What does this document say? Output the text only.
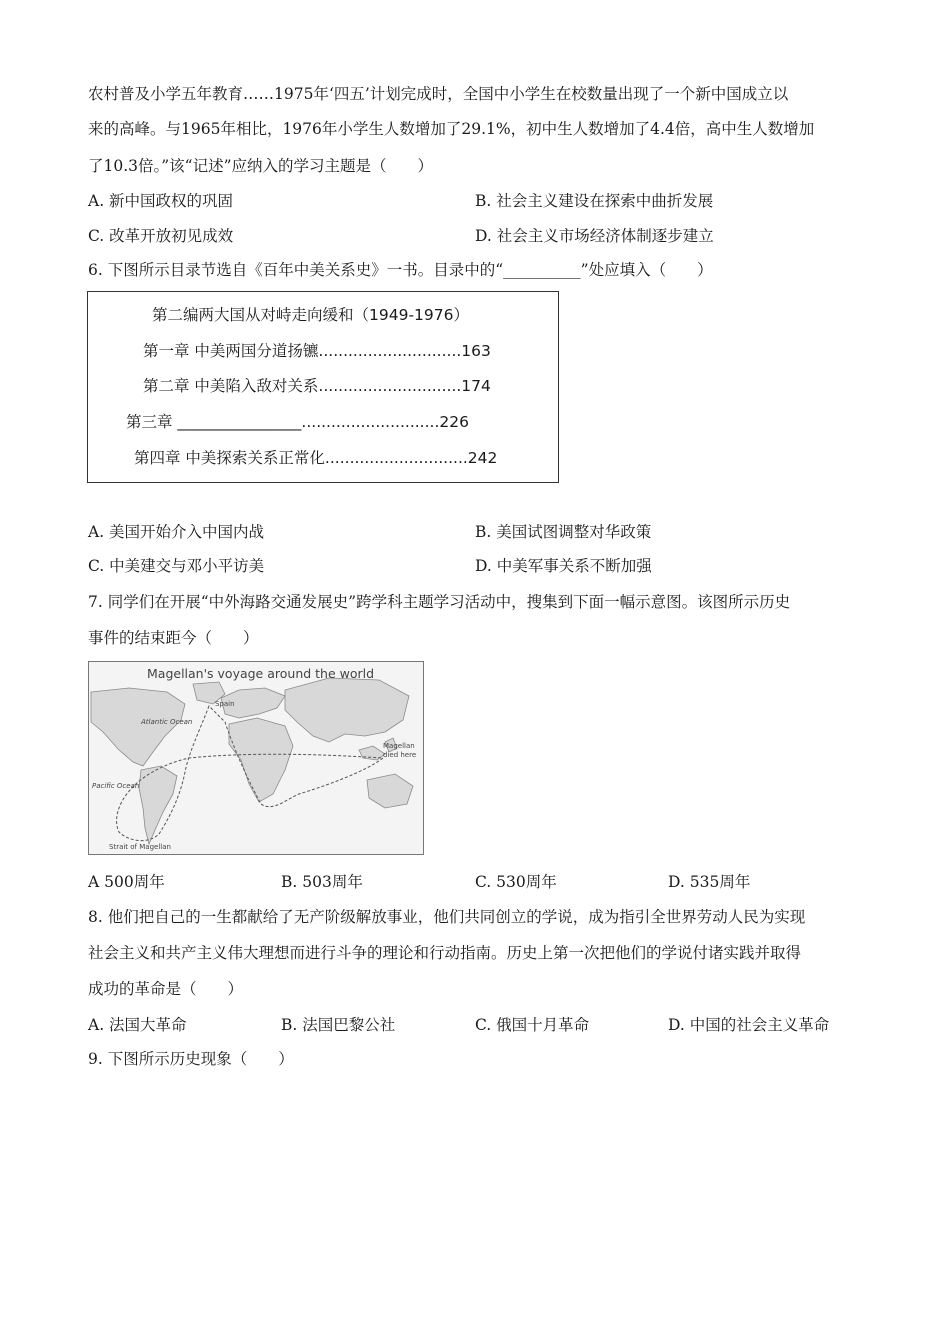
农村普及小学五年教育……1975年‘四五’计划完成时，全国中小学生在校数量出现了一个新中国成立以
来的高峰。与1965年相比，1976年小学生人数增加了29.1%，初中生人数增加了4.4倍，高中生人数增加
了10.3倍。”该“记述”应纳入的学习主题是（　　）
A. 新中国政权的巩固	B. 社会主义建设在探索中曲折发展
C. 改革开放初见成效	D. 社会主义市场经济体制逐步建立
6. 下图所示目录节选自《百年中美关系史》一书。目录中的“__________”处应填入（　　）
第二编两大国从对峙走向缓和（1949-1976）
第一章 中美两国分道扬镳.............................163
第二章 中美陷入敌对关系.............................174
第三章 ________________............................226
第四章 中美探索关系正常化.............................242
A. 美国开始介入中国内战	B. 美国试图调整对华政策
C. 中美建交与邓小平访美	D. 中美军事关系不断加强
7. 同学们在开展“中外海路交通发展史”跨学科主题学习活动中，搜集到下面一幅示意图。该图所示历史
事件的结束距今（　　）
Magellan's voyage around the world
Spain
Atlantic Ocean
Pacific Ocean
Magellan
died here
Strait of Magellan
A 500周年	B. 503周年	C. 530周年	D. 535周年
8. 他们把自己的一生都献给了无产阶级解放事业，他们共同创立的学说，成为指引全世界劳动人民为实现
社会主义和共产主义伟大理想而进行斗争的理论和行动指南。历史上第一次把他们的学说付诸实践并取得
成功的革命是（　　）
A. 法国大革命	B. 法国巴黎公社	C. 俄国十月革命	D. 中国的社会主义革命
9. 下图所示历史现象（　　）
